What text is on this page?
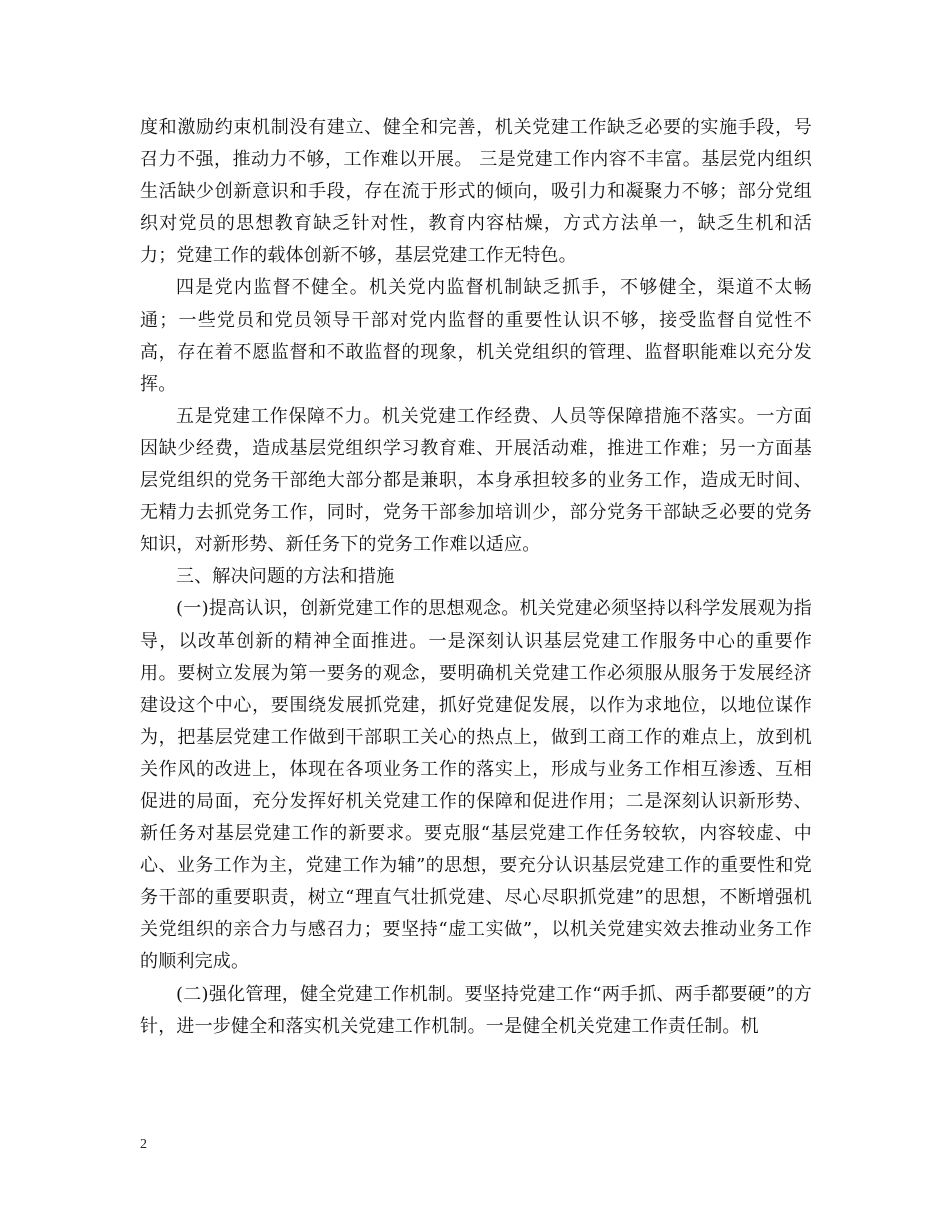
度和激励约束机制没有建立、健全和完善，机关党建工作缺乏必要的实施手段，号召力不强，推动力不够，工作难以开展。 三是党建工作内容不丰富。基层党内组织生活缺少创新意识和手段，存在流于形式的倾向，吸引力和凝聚力不够；部分党组织对党员的思想教育缺乏针对性，教育内容枯燥，方式方法单一，缺乏生机和活力；党建工作的载体创新不够，基层党建工作无特色。

四是党内监督不健全。机关党内监督机制缺乏抓手，不够健全，渠道不太畅通；一些党员和党员领导干部对党内监督的重要性认识不够，接受监督自觉性不高，存在着不愿监督和不敢监督的现象，机关党组织的管理、监督职能难以充分发挥。

五是党建工作保障不力。机关党建工作经费、人员等保障措施不落实。一方面因缺少经费，造成基层党组织学习教育难、开展活动难，推进工作难；另一方面基层党组织的党务干部绝大部分都是兼职，本身承担较多的业务工作，造成无时间、无精力去抓党务工作，同时，党务干部参加培训少，部分党务干部缺乏必要的党务知识，对新形势、新任务下的党务工作难以适应。

三、解决问题的方法和措施

(一)提高认识，创新党建工作的思想观念。机关党建必须坚持以科学发展观为指导，以改革创新的精神全面推进。一是深刻认识基层党建工作服务中心的重要作用。要树立发展为第一要务的观念，要明确机关党建工作必须服从服务于发展经济建设这个中心，要围绕发展抓党建，抓好党建促发展，以作为求地位，以地位谋作为，把基层党建工作做到干部职工关心的热点上，做到工商工作的难点上，放到机关作风的改进上，体现在各项业务工作的落实上，形成与业务工作相互渗透、互相促进的局面，充分发挥好机关党建工作的保障和促进作用；二是深刻认识新形势、新任务对基层党建工作的新要求。要克服“基层党建工作任务较软，内容较虚、中心、业务工作为主，党建工作为辅”的思想，要充分认识基层党建工作的重要性和党务干部的重要职责，树立“理直气壮抓党建、尽心尽职抓党建”的思想，不断增强机关党组织的亲合力与感召力；要坚持“虚工实做”，以机关党建实效去推动业务工作的顺利完成。

(二)强化管理，健全党建工作机制。要坚持党建工作“两手抓、两手都要硬”的方针，进一步健全和落实机关党建工作机制。一是健全机关党建工作责任制。机

2
